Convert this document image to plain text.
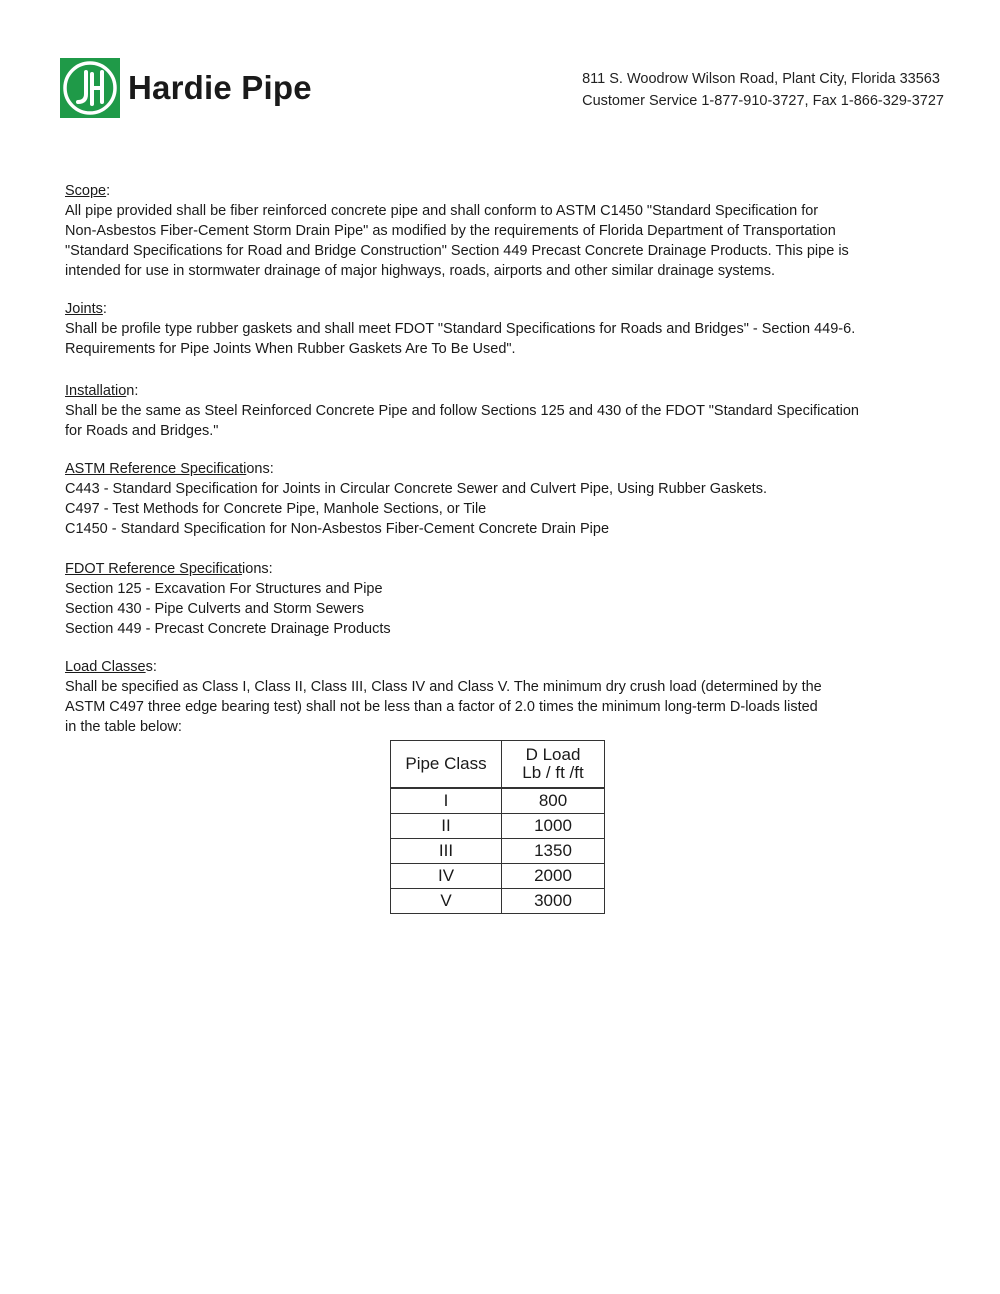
Hardie Pipe	811 S. Woodrow Wilson Road, Plant City, Florida 33563
Customer Service 1-877-910-3727, Fax 1-866-329-3727
Scope:
All pipe provided shall be fiber reinforced concrete pipe and shall conform to ASTM C1450 "Standard Specification for
Non-Asbestos Fiber-Cement Storm Drain Pipe" as modified by the requirements of Florida Department of Transportation
"Standard Specifications for Road and Bridge Construction" Section 449 Precast Concrete Drainage Products. This pipe is
intended for use in stormwater drainage of major highways, roads, airports and other similar drainage systems.
Joints:
Shall be profile type rubber gaskets and shall meet FDOT "Standard Specifications for Roads and Bridges" - Section 449-6.
Requirements for Pipe Joints When Rubber Gaskets Are To Be Used".
Installation:
Shall be the same as Steel Reinforced Concrete Pipe and follow Sections 125 and 430 of the FDOT "Standard Specification
for Roads and Bridges."
ASTM Reference Specifications:
C443 - Standard Specification for Joints in Circular Concrete Sewer and Culvert Pipe, Using Rubber Gaskets.
C497 - Test Methods for Concrete Pipe, Manhole Sections, or Tile
C1450 - Standard Specification for Non-Asbestos Fiber-Cement Concrete Drain Pipe
FDOT Reference Specifications:
Section 125 - Excavation For Structures and Pipe
Section 430 - Pipe Culverts and Storm Sewers
Section 449 - Precast Concrete Drainage Products
Load Classes:
Shall be specified as Class I, Class II, Class III, Class IV and Class V. The minimum dry crush load (determined by the
ASTM C497 three edge bearing test) shall not be less than a factor of 2.0 times the minimum long-term D-loads listed
in the table below:
Pipe Class	D Load
Lb / ft /ft

I	800
II	1000
III	1350
IV	2000
V	3000
